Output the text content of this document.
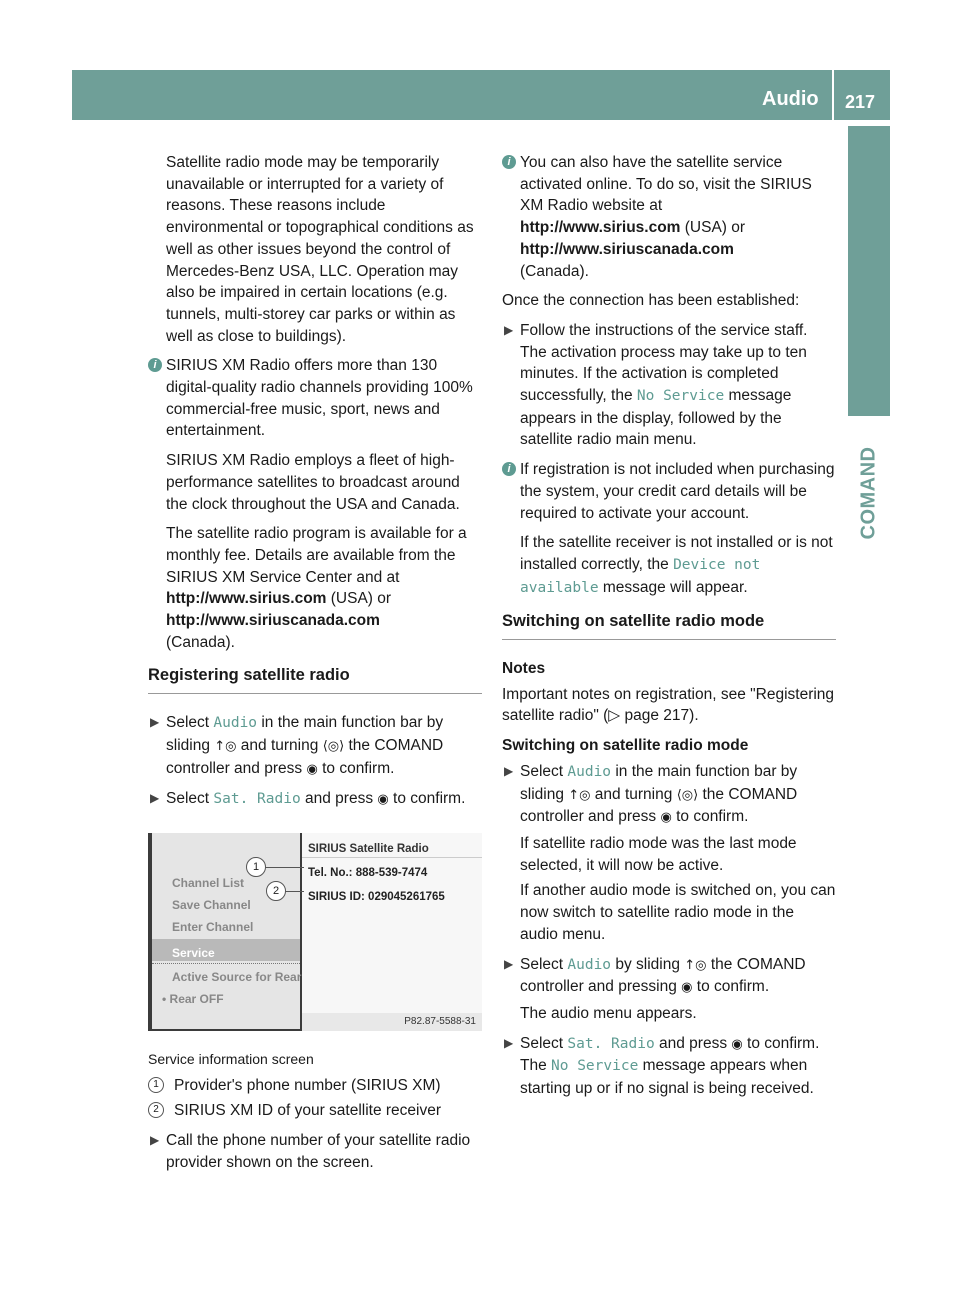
Audio 217
COMAND

Satellite radio mode may be temporarily unavailable or interrupted for a variety of reasons. These reasons include environmental or topographical conditions as well as other issues beyond the control of Mercedes-Benz USA, LLC. Operation may also be impaired in certain locations (e.g. tunnels, multi-storey car parks or within as well as close to buildings).

i SIRIUS XM Radio offers more than 130 digital-quality radio channels providing 100% commercial-free music, sport, news and entertainment.

SIRIUS XM Radio employs a fleet of high-performance satellites to broadcast around the clock throughout the USA and Canada.

The satellite radio program is available for a monthly fee. Details are available from the SIRIUS XM Service Center and at

http://www.sirius.com (USA) or
http://www.siriuscanada.com

(Canada).

Registering satellite radio
▶ Select Audio in the main function bar by sliding ↑◎ and turning ⟨◎⟩ the COMAND controller and press ◉ to confirm.
▶ Select Sat. Radio and press ◉ to confirm.
Channel List
Save Channel
Enter Channel
Service
Active Source for Rear
• Rear OFF
SIRIUS Satellite Radio
Tel. No.: 888-539-7474
SIRIUS ID: 029045261765
1
2
P82.87-5588-31

Service information screen

1 Provider's phone number (SIRIUS XM)
2 SIRIUS XM ID of your satellite receiver
▶ Call the phone number of your satellite radio provider shown on the screen.
i You can also have the satellite service activated online. To do so, visit the SIRIUS XM Radio website at
http://www.sirius.com (USA) or
http://www.siriuscanada.com

(Canada).

Once the connection has been established:

▶ Follow the instructions of the service staff. The activation process may take up to ten minutes. If the activation is completed successfully, the No Service message appears in the display, followed by the satellite radio main menu.
i If registration is not included when purchasing the system, your credit card details will be required to activate your account.

If the satellite receiver is not installed or is not installed correctly, the Device not available message will appear.

Switching on satellite radio mode
Notes

Important notes on registration, see "Registering satellite radio" (▷ page 217).

Switching on satellite radio mode
▶ Select Audio in the main function bar by sliding ↑◎ and turning ⟨◎⟩ the COMAND controller and press ◉ to confirm.
If satellite radio mode was the last mode selected, it will now be active.
If another audio mode is switched on, you can now switch to satellite radio mode in the audio menu.
▶ Select Audio by sliding ↑◎ the COMAND controller and pressing ◉ to confirm.
The audio menu appears.
▶ Select Sat. Radio and press ◉ to confirm.
The No Service message appears when starting up or if no signal is being received.
